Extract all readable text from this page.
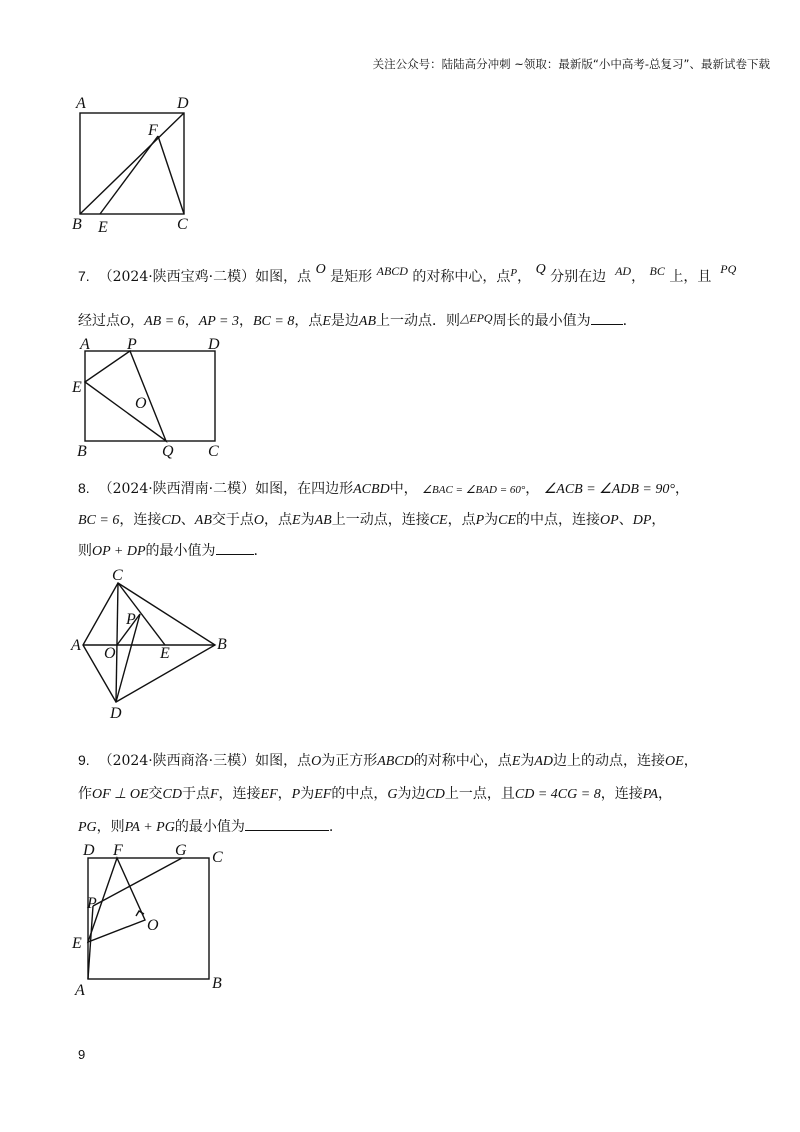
关注公众号：陆陆高分冲刺 ~领取：最新版“小中高考-总复习”、最新试卷下载
A	D
F
B E	C
7. （2024·陕西宝鸡·二模）如图，点 O 是矩形 ABCD 的对称中心，点$^P$， Q 分别在边 AD， BC 上，且 PQ
经过点O，AB = 6，AP = 3，BC = 8，点E是边AB上一动点．则△EPQ周长的最小值为 .
A P	D
E
O
B	Q C
8. （2024·陕西渭南·二模）如图，在四边形ACBD中， ∠BAC = ∠BAD = 60°， ∠ACB = ∠ADB = 90°，
BC = 6，连接CD、AB交于点O，点E为AB上一动点，连接CE，点P为CE的中点，连接OP、DP，
则OP + DP的最小值为	.
C
P
A O	E
B
D
9. （2024·陕西商洛·三模）如图，点O为正方形ABCD的对称中心，点E为AD边上的动点，连接OE，
作OF ⊥ OE交CD于点F，连接EF，P为EF的中点，G为边CD上一点，且CD = 4CG = 8，连接PA，
PG，则PA + PG的最小值为	.
D F	G C
P
O
E
A	B
9
